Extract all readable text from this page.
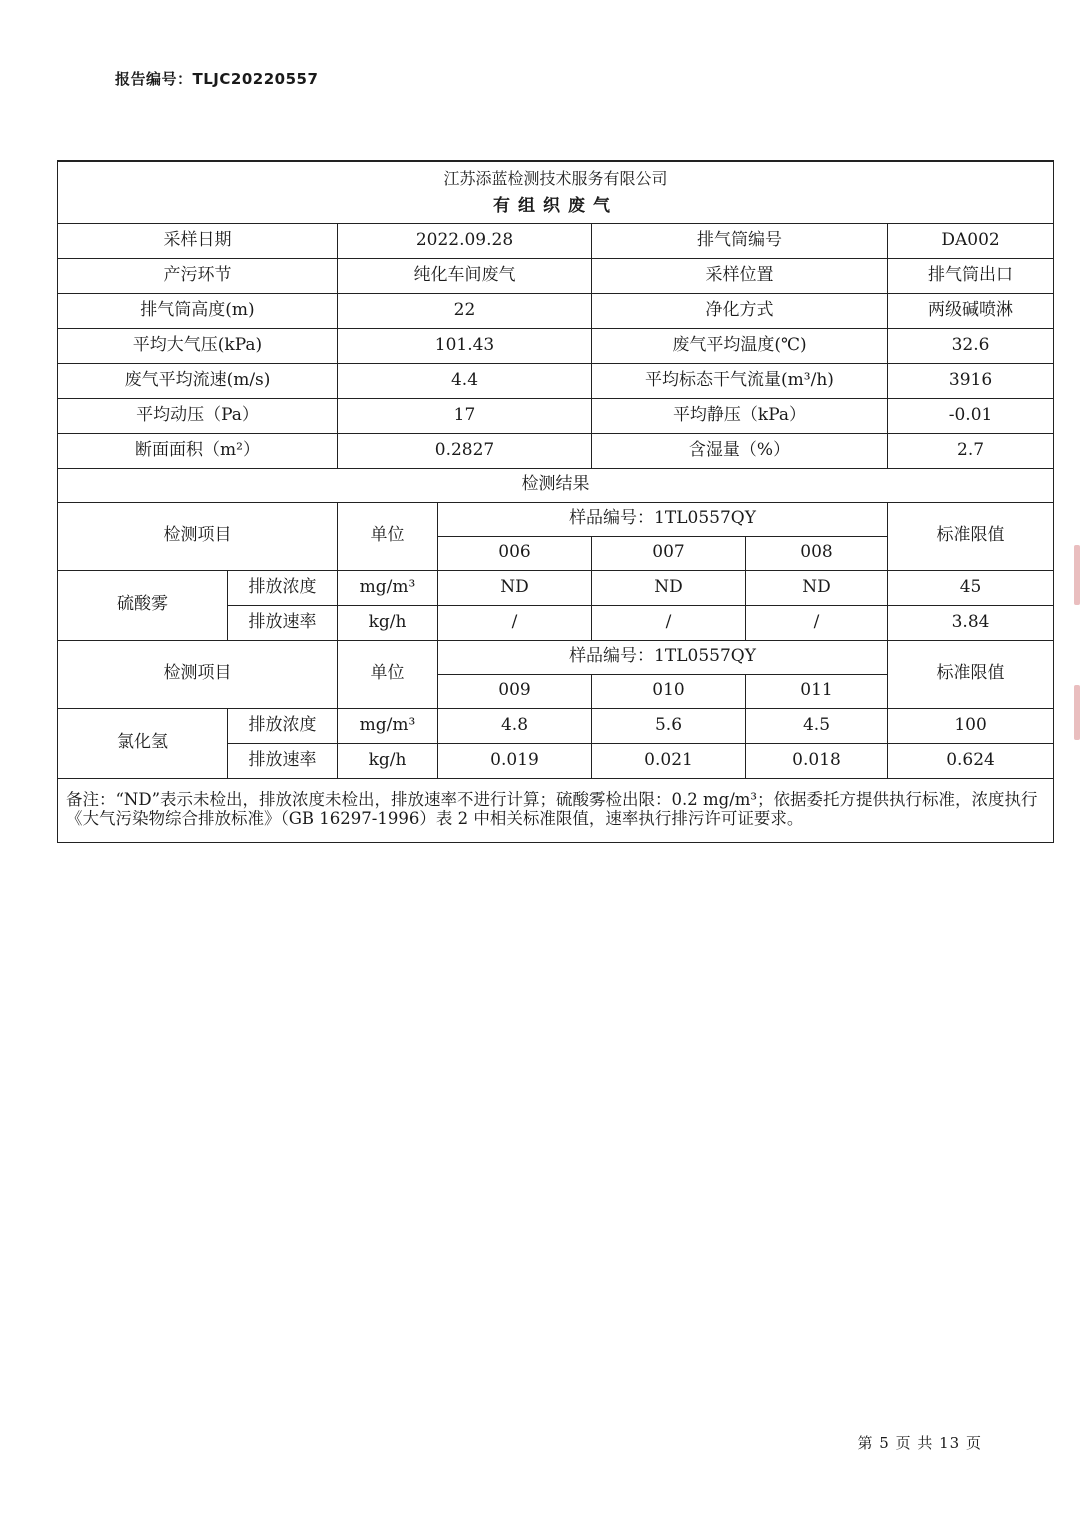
报告编号：TLJC20220557
江苏添蓝检测技术服务有限公司						
有组织废气						
采样日期		2022.09.28		排气筒编号		DA002
产污环节		纯化车间废气		采样位置		排气筒出口
排气筒高度(m)		22		净化方式		两级碱喷淋
平均大气压(kPa)		101.43		废气平均温度(℃)		32.6
废气平均流速(m/s)		4.4		平均标态干气流量(m³/h)		3916
平均动压（Pa）		17		平均静压（kPa）		-0.01
断面面积（m²）		0.2827		含湿量（%）		2.7
检测结果						
检测项目		单位	样品编号：1TL0557QY			标准限值
			006	007	008	
硫酸雾	排放浓度	mg/m³	ND	ND	ND	45
	排放速率	kg/h	/	/	/	3.84
检测项目		单位	样品编号：1TL0557QY			标准限值
			009	010	011	
氯化氢	排放浓度	mg/m³	4.8	5.6	4.5	100
	排放速率	kg/h	0.019	0.021	0.018	0.624
备注：“ND”表示未检出，排放浓度未检出，排放速率不进行计算；硫酸雾检出限：0.2 mg/m³；依据委托方提供执行标准，浓度执行《大气污染物综合排放标准》（GB 16297-1996）表 2 中相关标准限值，速率执行排污许可证要求。						
第 5 页 共 13 页
